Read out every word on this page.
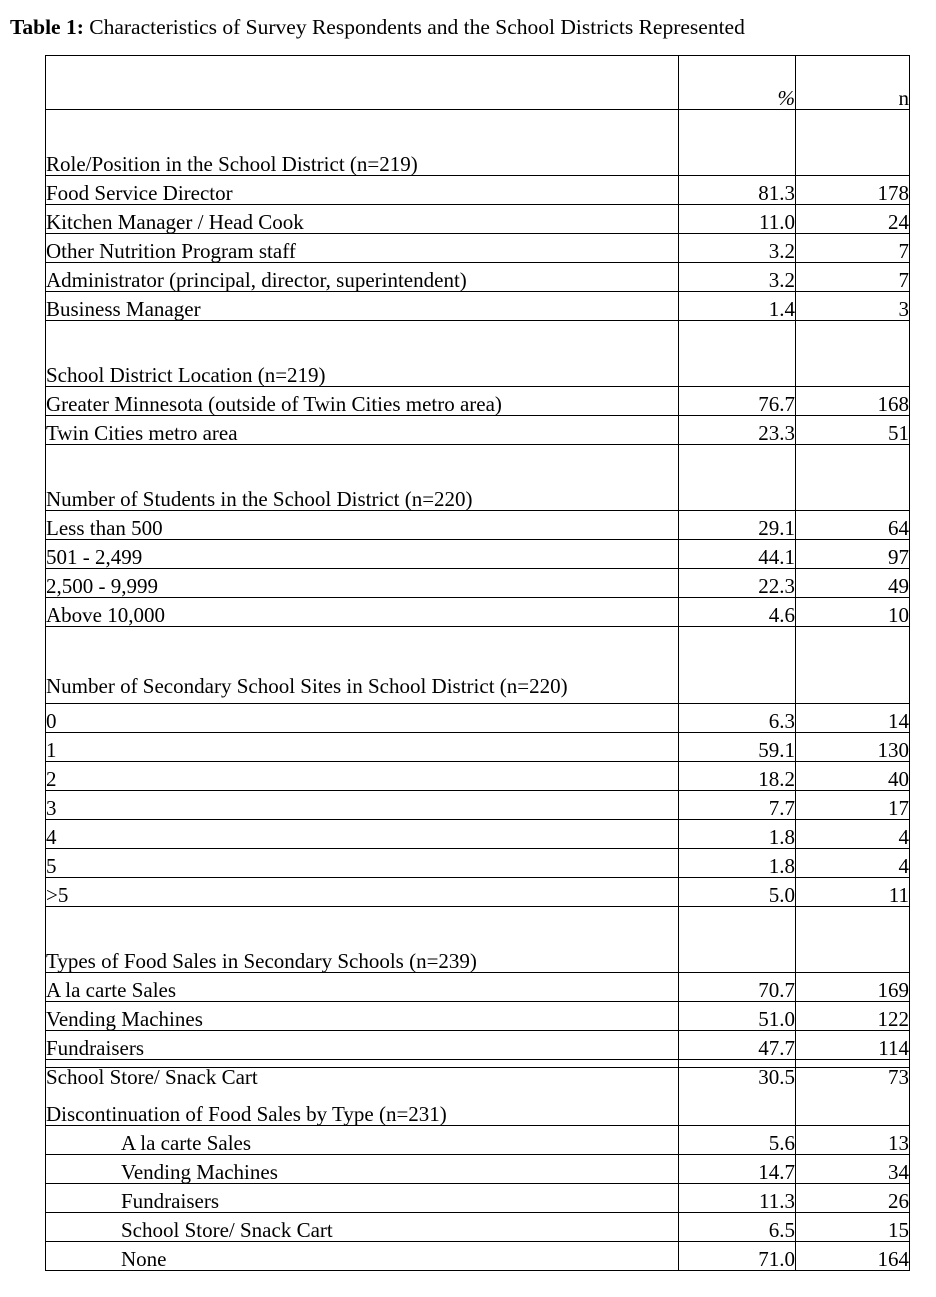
Table 1: Characteristics of Survey Respondents and the School Districts Represented
	%	n
Role/Position in the School District (n=219)		
Food Service Director	81.3	178
Kitchen Manager / Head Cook	11.0	24
Other Nutrition Program staff	3.2	7
Administrator (principal, director, superintendent)	3.2	7
Business Manager	1.4	3
School District Location (n=219)		
Greater Minnesota (outside of Twin Cities metro area)	76.7	168
Twin Cities metro area	23.3	51
Number of Students in the School District (n=220)		
Less than 500	29.1	64
501 - 2,499	44.1	97
2,500 - 9,999	22.3	49
Above 10,000	4.6	10
Number of Secondary School Sites in School District (n=220)		
0	6.3	14
1	59.1	130
2	18.2	40
3	7.7	17
4	1.8	4
5	1.8	4
>5	5.0	11
Types of Food Sales in Secondary Schools (n=239)		
A la carte Sales	70.7	169
Vending Machines	51.0	122
Fundraisers	47.7	114
School Store/ Snack Cart	30.5	73
Discontinuation of Food Sales by Type (n=231)		
A la carte Sales	5.6	13
Vending Machines	14.7	34
Fundraisers	11.3	26
School Store/ Snack Cart	6.5	15
None	71.0	164
